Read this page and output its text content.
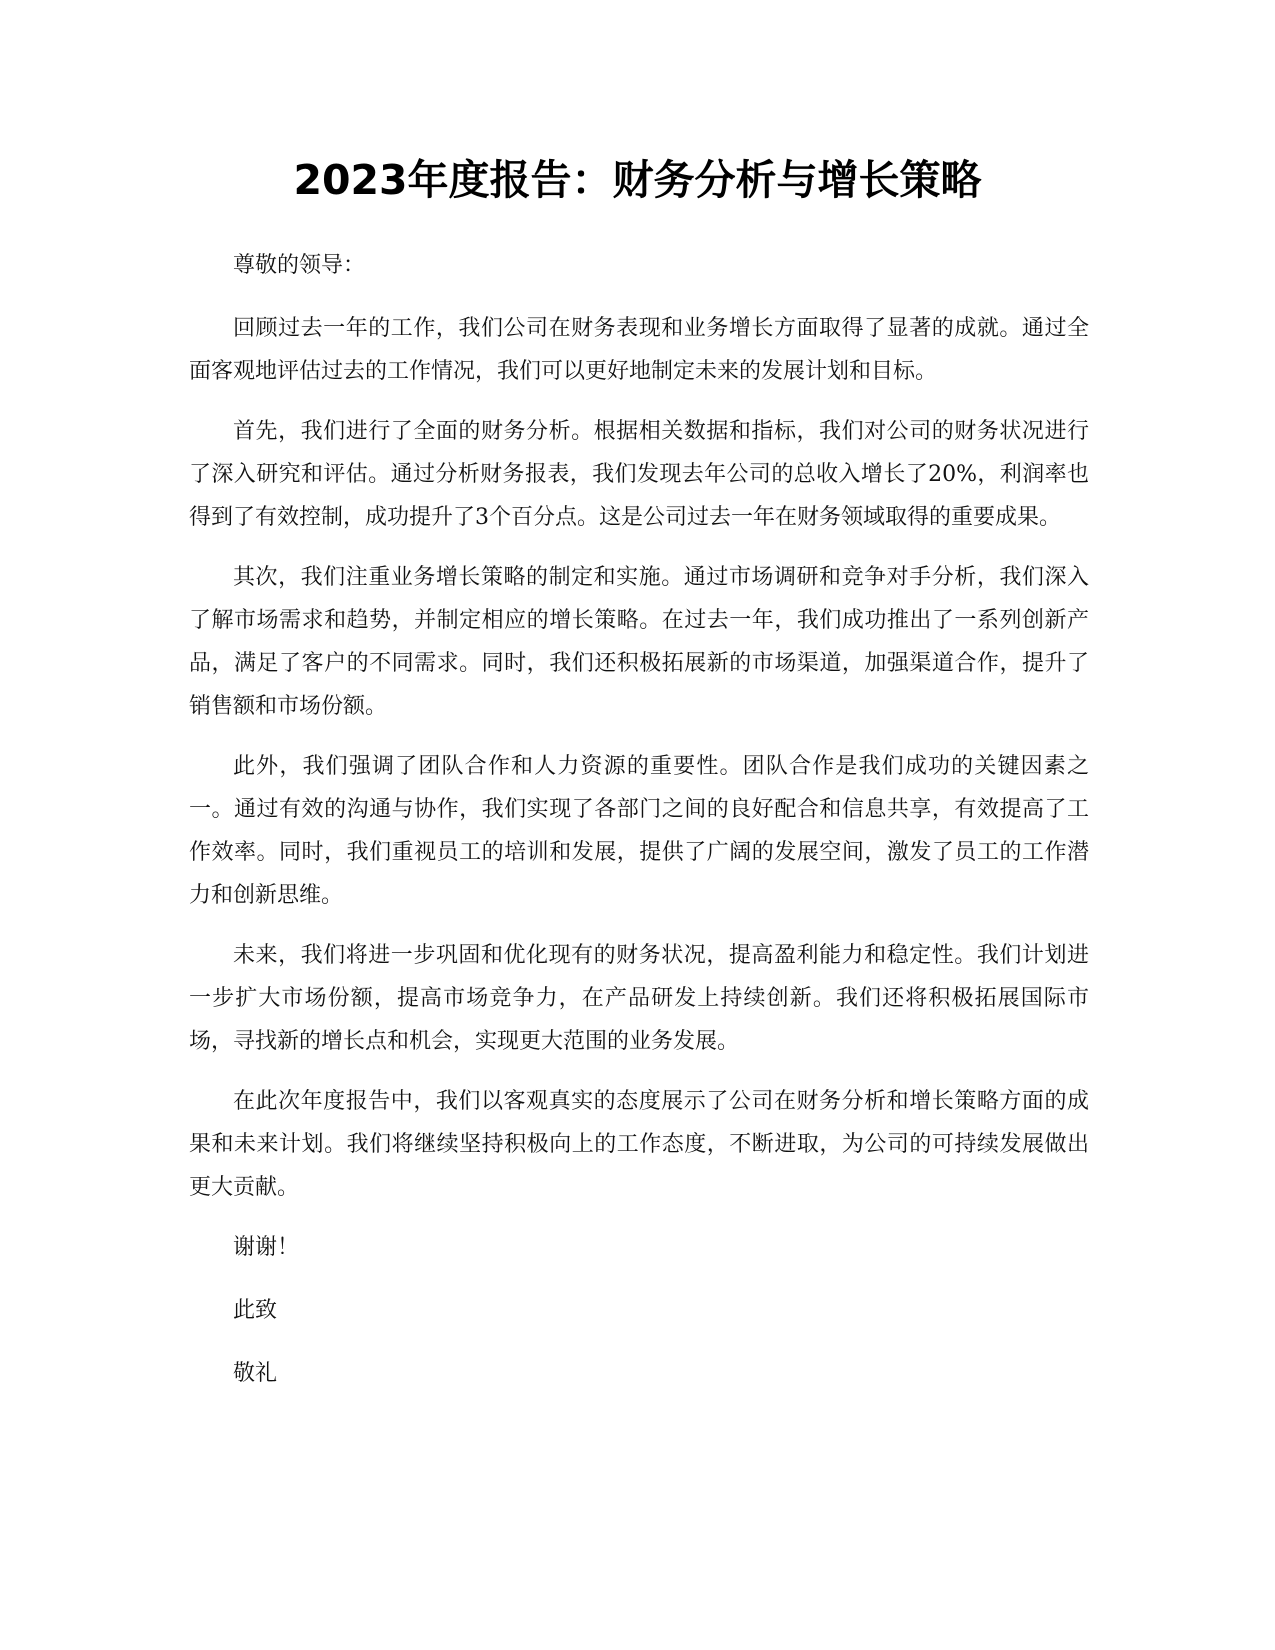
2023年度报告：财务分析与增长策略

尊敬的领导：

回顾过去一年的工作，我们公司在财务表现和业务增长方面取得了显著的成就。通过全面客观地评估过去的工作情况，我们可以更好地制定未来的发展计划和目标。

首先，我们进行了全面的财务分析。根据相关数据和指标，我们对公司的财务状况进行了深入研究和评估。通过分析财务报表，我们发现去年公司的总收入增长了20%，利润率也得到了有效控制，成功提升了3个百分点。这是公司过去一年在财务领域取得的重要成果。

其次，我们注重业务增长策略的制定和实施。通过市场调研和竞争对手分析，我们深入了解市场需求和趋势，并制定相应的增长策略。在过去一年，我们成功推出了一系列创新产品，满足了客户的不同需求。同时，我们还积极拓展新的市场渠道，加强渠道合作，提升了销售额和市场份额。

此外，我们强调了团队合作和人力资源的重要性。团队合作是我们成功的关键因素之一。通过有效的沟通与协作，我们实现了各部门之间的良好配合和信息共享，有效提高了工作效率。同时，我们重视员工的培训和发展，提供了广阔的发展空间，激发了员工的工作潜力和创新思维。

未来，我们将进一步巩固和优化现有的财务状况，提高盈利能力和稳定性。我们计划进一步扩大市场份额，提高市场竞争力，在产品研发上持续创新。我们还将积极拓展国际市场，寻找新的增长点和机会，实现更大范围的业务发展。

在此次年度报告中，我们以客观真实的态度展示了公司在财务分析和增长策略方面的成果和未来计划。我们将继续坚持积极向上的工作态度，不断进取，为公司的可持续发展做出更大贡献。

谢谢！

此致

敬礼
